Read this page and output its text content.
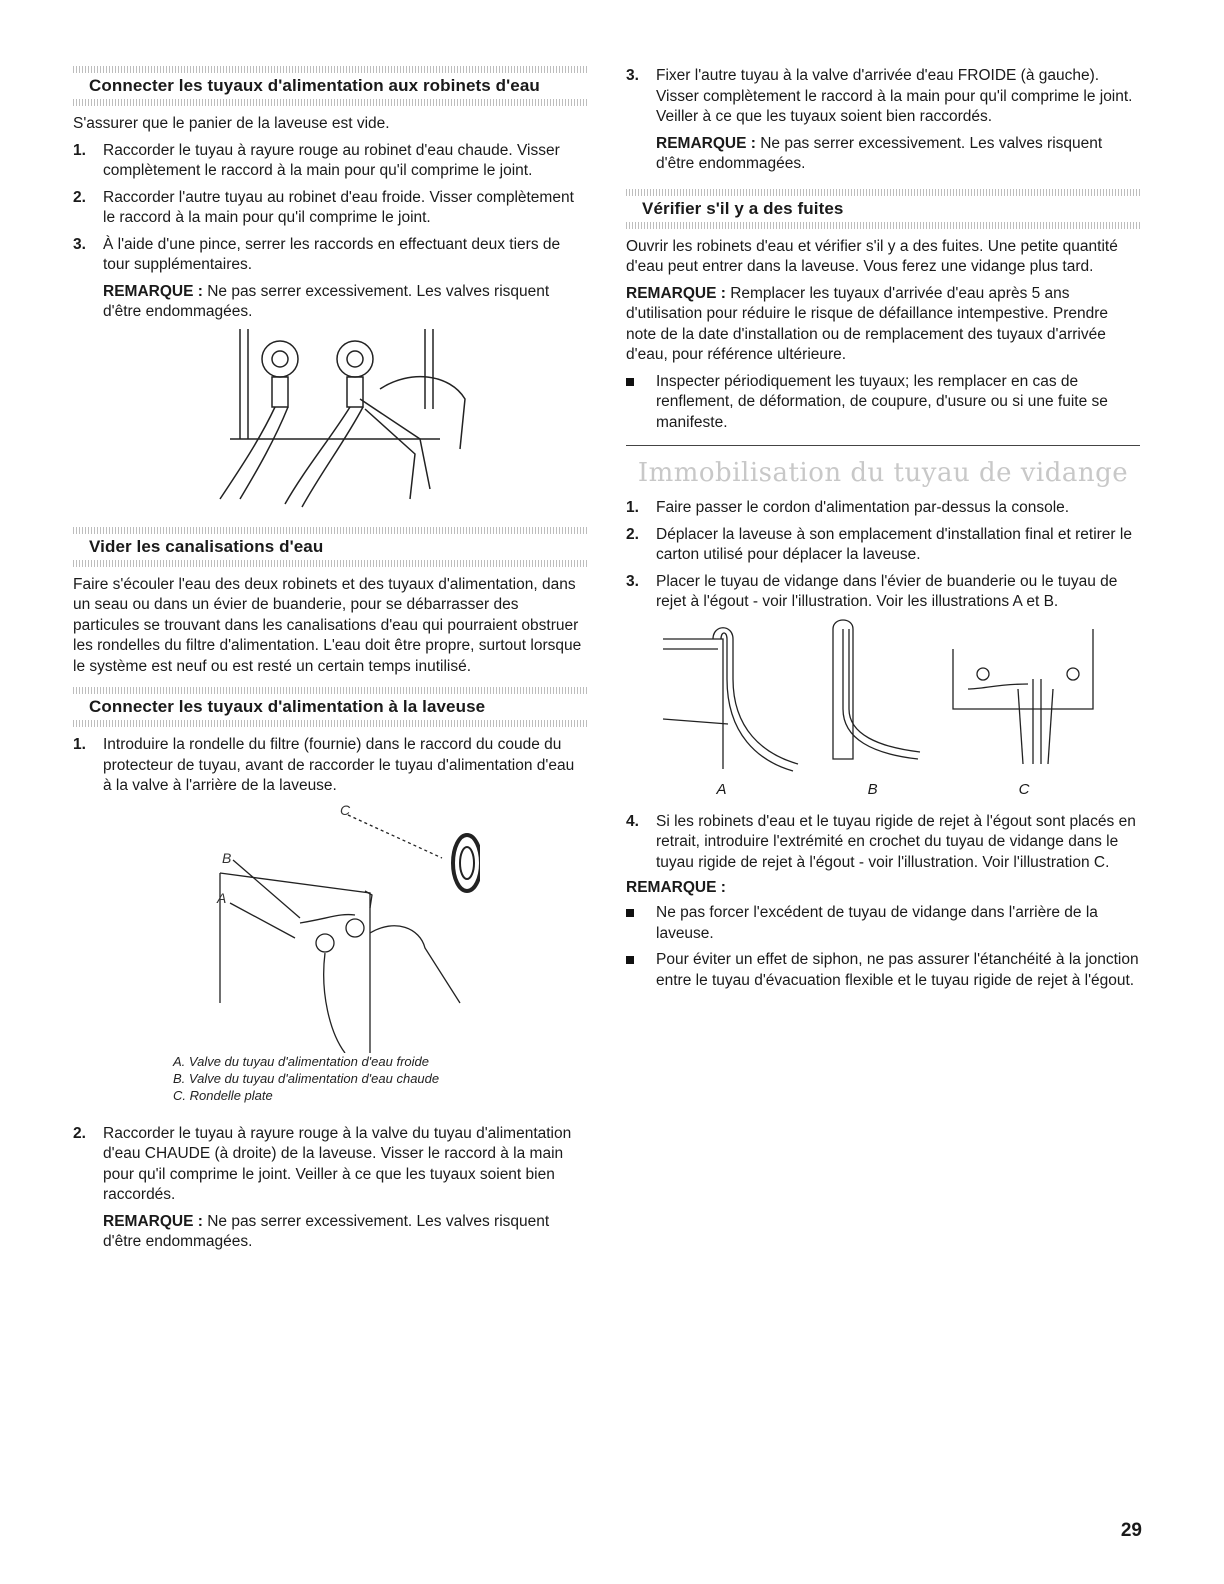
Connecter les tuyaux d'alimentation aux robinets d'eau

S'assurer que le panier de la laveuse est vide.

1.	Raccorder le tuyau à rayure rouge au robinet d'eau chaude. Visser complètement le raccord à la main pour qu'il comprime le joint.
2.	Raccorder l'autre tuyau au robinet d'eau froide. Visser complètement le raccord à la main pour qu'il comprime le joint.
3.	À l'aide d'une pince, serrer les raccords en effectuant deux tiers de tour supplémentaires.
REMARQUE : Ne pas serrer excessivement. Les valves risquent d'être endommagées.
Vider les canalisations d'eau

Faire s'écouler l'eau des deux robinets et des tuyaux d'alimentation, dans un seau ou dans un évier de buanderie, pour se débarrasser des particules se trouvant dans les canalisations d'eau qui pourraient obstruer les rondelles du filtre d'alimentation. L'eau doit être propre, surtout lorsque le système est neuf ou est resté un certain temps inutilisé.

Connecter les tuyaux d'alimentation à la laveuse
1.	Introduire la rondelle du filtre (fournie) dans le raccord du coude du protecteur de tuyau, avant de raccorder le tuyau d'alimentation d'eau à la valve à l'arrière de la laveuse.
C
B
A
A. Valve du tuyau d'alimentation d'eau froide
B. Valve du tuyau d'alimentation d'eau chaude
C. Rondelle plate
2.	Raccorder le tuyau à rayure rouge à la valve du tuyau d'alimentation d'eau CHAUDE (à droite) de la laveuse. Visser le raccord à la main pour qu'il comprime le joint. Veiller à ce que les tuyaux soient bien raccordés.
REMARQUE : Ne pas serrer excessivement. Les valves risquent d'être endommagées.
3.	Fixer l'autre tuyau à la valve d'arrivée d'eau FROIDE (à gauche). Visser complètement le raccord à la main pour qu'il comprime le joint. Veiller à ce que les tuyaux soient bien raccordés.
REMARQUE : Ne pas serrer excessivement. Les valves risquent d'être endommagées.
Vérifier s'il y a des fuites

Ouvrir les robinets d'eau et vérifier s'il y a des fuites. Une petite quantité d'eau peut entrer dans la laveuse. Vous ferez une vidange plus tard.

REMARQUE : Remplacer les tuyaux d'arrivée d'eau après 5 ans d'utilisation pour réduire le risque de défaillance intempestive. Prendre note de la date d'installation ou de remplacement des tuyaux d'arrivée d'eau, pour référence ultérieure.

Inspecter périodiquement les tuyaux; les remplacer en cas de renflement, de déformation, de coupure, d'usure ou si une fuite se manifeste.
Immobilisation du tuyau de vidange
1.	Faire passer le cordon d'alimentation par-dessus la console.
2.	Déplacer la laveuse à son emplacement d'installation final et retirer le carton utilisé pour déplacer la laveuse.
3.	Placer le tuyau de vidange dans l'évier de buanderie ou le tuyau de rejet à l'égout - voir l'illustration. Voir les illustrations A et B.
A	B	C
4.	Si les robinets d'eau et le tuyau rigide de rejet à l'égout sont placés en retrait, introduire l'extrémité en crochet du tuyau de vidange dans le tuyau rigide de rejet à l'égout - voir l'illustration. Voir l'illustration C.
REMARQUE :
Ne pas forcer l'excédent de tuyau de vidange dans l'arrière de la laveuse.
Pour éviter un effet de siphon, ne pas assurer l'étanchéité à la jonction entre le tuyau d'évacuation flexible et le tuyau rigide de rejet à l'égout.
29
